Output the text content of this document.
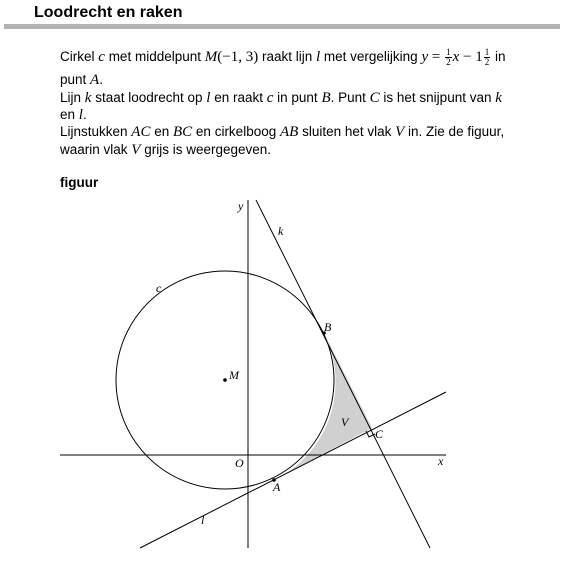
Loodrecht en raken
Cirkel c met middelpunt M(−1, 3) raakt lijn l met vergelijking $y = \frac{1}{2}$ $x - 1 \frac{1}{2}$ in
punt A.
Lijn k staat loodrecht op l en raakt c in punt B. Punt C is het snijpunt van k
en l.
Lijnstukken AC en BC en cirkelboog AB sluiten het vlak V in. Zie de figuur,
waarin vlak V grijs is weergegeven.
figuur
y
x
O
c
M
k
l
A
B
C
V
